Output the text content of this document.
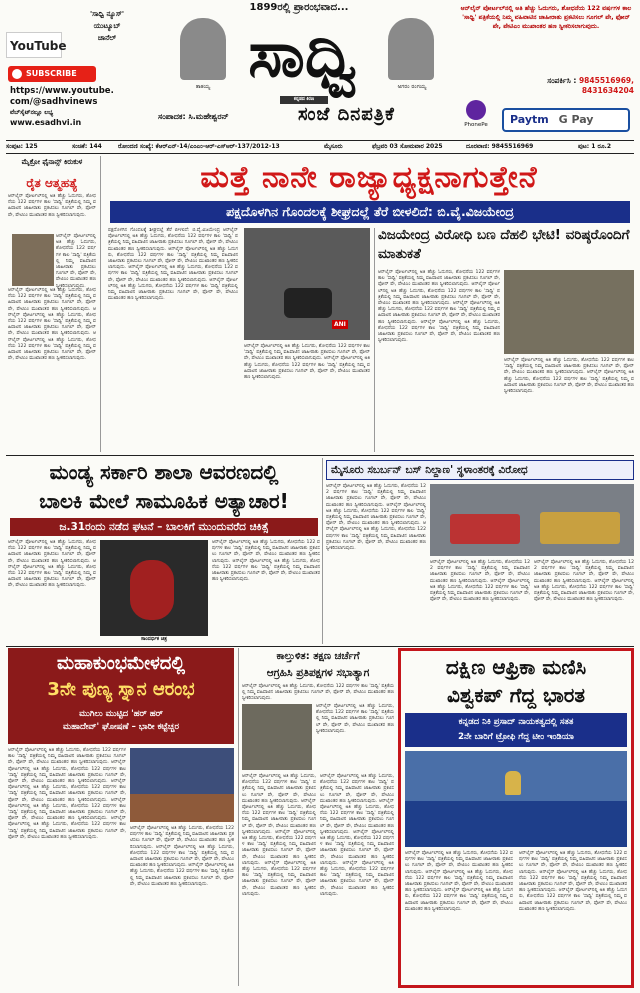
YouTube
'ಸಾಧ್ವಿ ನ್ಯೂಸ್'
ಯುಟ್ಯೂಬ್
ಚಾನೆಲ್
SUBSCRIBE
https://www.youtube.
com/@sadhvinews
ವೆಬ್‌ಸೈಟ್‌ನಲ್ಲೂ ಲಭ್ಯ
www.esadhvi.in
1899ರಲ್ಲಿ ಪ್ರಾರಂಭವಾದ...
ತಾತಯ್ಯ ಸಾಧ್ವಿ
ಕನ್ನಡದ ಕಿರಣ
ಅಗರಂ ರಂಗಯ್ಯ
ಸಂಪಾದಕ: ಸಿ.ಮಹೇಶ್ವರನ್	ಸಂಜೆ ದಿನಪತ್ರಿಕೆ
ಆನ್‌ಲೈನ್ ಪೋರ್ಟಲ್‌ನಲ್ಲಿ ಅತಿ ಹೆಚ್ಚು ಓದುಗರು, ಶೋಧನೆಯ 122 ವರ್ಷಗಳ ಕಾಲ 'ಸಾಧ್ವಿ' ಪತ್ರಿಕೆಯಲ್ಲಿ ನಿಮ್ಮ ವಹಿವಾಟಿನ ಜಾಹೀರಾತು ಪ್ರಕಟಿಸಲು ಗೂಗಲ್ ಪೇ, ಫೋನ್ ಪೇ, ಪೇಟಿಎಂ ಮುಖಾಂತರ ಹಣ ಸ್ವೀಕರಿಸಲಾಗುವುದು.
ಸಂಪರ್ಕಿಸಿ : 9845516969,
8431634204
PhonePe	Paytm G Pay
ಸಂಪುಟ: 125	ಸಂಚಿಕೆ: 144	ರೋಂದಣಿ ಸಂಖ್ಯೆ: ಕೆಆರ್‌ಎನ್-14/ಎಂಎಂ-ಆರ್-ಎಸ್‌ಆರ್-137/2012-13	ಮೈಸೂರು	ಫೆಬ್ರವರಿ 03 ಸೋಮವಾರ 2025	ದೂರವಾಣಿ: 9845516969	ಪುಟ: 1 ರೂ.2
ಮೈಕ್ರೋ ಫೈನಾನ್ಸ್ ಕಿರುಕುಳ
ರೈತ ಆತ್ಮಹತ್ಯೆ
ಆನ್‌ಲೈನ್ ಪೋರ್ಟಲ್‌ನಲ್ಲಿ ಅತಿ ಹೆಚ್ಚು ಓದುಗರು, ಶೋಧನೆಯ 122 ವರ್ಷಗಳ ಕಾಲ 'ಸಾಧ್ವಿ' ಪತ್ರಿಕೆಯಲ್ಲಿ ನಿಮ್ಮ ವಹಿವಾಟಿನ ಜಾಹೀರಾತು ಪ್ರಕಟಿಸಲು ಗೂಗಲ್ ಪೇ, ಫೋನ್ ಪೇ, ಪೇಟಿಎಂ ಮುಖಾಂತರ ಹಣ ಸ್ವೀಕರಿಸಲಾಗುವುದು.
ಆನ್‌ಲೈನ್ ಪೋರ್ಟಲ್‌ನಲ್ಲಿ ಅತಿ ಹೆಚ್ಚು ಓದುಗರು, ಶೋಧನೆಯ 122 ವರ್ಷಗಳ ಕಾಲ 'ಸಾಧ್ವಿ' ಪತ್ರಿಕೆಯಲ್ಲಿ ನಿಮ್ಮ ವಹಿವಾಟಿನ ಜಾಹೀರಾತು ಪ್ರಕಟಿಸಲು ಗೂಗಲ್ ಪೇ, ಫೋನ್ ಪೇ, ಪೇಟಿಎಂ ಮುಖಾಂತರ ಹಣ ಸ್ವೀಕರಿಸಲಾಗುವುದು.
ಆನ್‌ಲೈನ್ ಪೋರ್ಟಲ್‌ನಲ್ಲಿ ಅತಿ ಹೆಚ್ಚು ಓದುಗರು, ಶೋಧನೆಯ 122 ವರ್ಷಗಳ ಕಾಲ 'ಸಾಧ್ವಿ' ಪತ್ರಿಕೆಯಲ್ಲಿ ನಿಮ್ಮ ವಹಿವಾಟಿನ ಜಾಹೀರಾತು ಪ್ರಕಟಿಸಲು ಗೂಗಲ್ ಪೇ, ಫೋನ್ ಪೇ, ಪೇಟಿಎಂ ಮುಖಾಂತರ ಹಣ ಸ್ವೀಕರಿಸಲಾಗುವುದು. ಆನ್‌ಲೈನ್ ಪೋರ್ಟಲ್‌ನಲ್ಲಿ ಅತಿ ಹೆಚ್ಚು ಓದುಗರು, ಶೋಧನೆಯ 122 ವರ್ಷಗಳ ಕಾಲ 'ಸಾಧ್ವಿ' ಪತ್ರಿಕೆಯಲ್ಲಿ ನಿಮ್ಮ ವಹಿವಾಟಿನ ಜಾಹೀರಾತು ಪ್ರಕಟಿಸಲು ಗೂಗಲ್ ಪೇ, ಫೋನ್ ಪೇ, ಪೇಟಿಎಂ ಮುಖಾಂತರ ಹಣ ಸ್ವೀಕರಿಸಲಾಗುವುದು. ಆನ್‌ಲೈನ್ ಪೋರ್ಟಲ್‌ನಲ್ಲಿ ಅತಿ ಹೆಚ್ಚು ಓದುಗರು, ಶೋಧನೆಯ 122 ವರ್ಷಗಳ ಕಾಲ 'ಸಾಧ್ವಿ' ಪತ್ರಿಕೆಯಲ್ಲಿ ನಿಮ್ಮ ವಹಿವಾಟಿನ ಜಾಹೀರಾತು ಪ್ರಕಟಿಸಲು ಗೂಗಲ್ ಪೇ, ಫೋನ್ ಪೇ, ಪೇಟಿಎಂ ಮುಖಾಂತರ ಹಣ ಸ್ವೀಕರಿಸಲಾಗುವುದು.
ಮತ್ತೆ ನಾನೇ ರಾಜ್ಯಾಧ್ಯಕ್ಷನಾಗುತ್ತೇನೆ
ಪಕ್ಷದೊಳಗಿನ ಗೊಂದಲಕ್ಕೆ ಶೀಘ್ರದಲ್ಲೆ ತೆರೆ ಬೀಳಲಿದೆ: ಬಿ.ವೈ.ವಿಜಯೇಂದ್ರ
ಪಕ್ಷದೊಳಗಿನ ಗೊಂದಲಕ್ಕೆ ಶೀಘ್ರದಲ್ಲೆ ತೆರೆ ಬೀಳಲಿದೆ: ಬಿ.ವೈ.ವಿಜಯೇಂದ್ರ ಆನ್‌ಲೈನ್ ಪೋರ್ಟಲ್‌ನಲ್ಲಿ ಅತಿ ಹೆಚ್ಚು ಓದುಗರು, ಶೋಧನೆಯ 122 ವರ್ಷಗಳ ಕಾಲ 'ಸಾಧ್ವಿ' ಪತ್ರಿಕೆಯಲ್ಲಿ ನಿಮ್ಮ ವಹಿವಾಟಿನ ಜಾಹೀರಾತು ಪ್ರಕಟಿಸಲು ಗೂಗಲ್ ಪೇ, ಫೋನ್ ಪೇ, ಪೇಟಿಎಂ ಮುಖಾಂತರ ಹಣ ಸ್ವೀಕರಿಸಲಾಗುವುದು. ಆನ್‌ಲೈನ್ ಪೋರ್ಟಲ್‌ನಲ್ಲಿ ಅತಿ ಹೆಚ್ಚು ಓದುಗರು, ಶೋಧನೆಯ 122 ವರ್ಷಗಳ ಕಾಲ 'ಸಾಧ್ವಿ' ಪತ್ರಿಕೆಯಲ್ಲಿ ನಿಮ್ಮ ವಹಿವಾಟಿನ ಜಾಹೀರಾತು ಪ್ರಕಟಿಸಲು ಗೂಗಲ್ ಪೇ, ಫೋನ್ ಪೇ, ಪೇಟಿಎಂ ಮುಖಾಂತರ ಹಣ ಸ್ವೀಕರಿಸಲಾಗುವುದು. ಆನ್‌ಲೈನ್ ಪೋರ್ಟಲ್‌ನಲ್ಲಿ ಅತಿ ಹೆಚ್ಚು ಓದುಗರು, ಶೋಧನೆಯ 122 ವರ್ಷಗಳ ಕಾಲ 'ಸಾಧ್ವಿ' ಪತ್ರಿಕೆಯಲ್ಲಿ ನಿಮ್ಮ ವಹಿವಾಟಿನ ಜಾಹೀರಾತು ಪ್ರಕಟಿಸಲು ಗೂಗಲ್ ಪೇ, ಫೋನ್ ಪೇ, ಪೇಟಿಎಂ ಮುಖಾಂತರ ಹಣ ಸ್ವೀಕರಿಸಲಾಗುವುದು. ಆನ್‌ಲೈನ್ ಪೋರ್ಟಲ್‌ನಲ್ಲಿ ಅತಿ ಹೆಚ್ಚು ಓದುಗರು, ಶೋಧನೆಯ 122 ವರ್ಷಗಳ ಕಾಲ 'ಸಾಧ್ವಿ' ಪತ್ರಿಕೆಯಲ್ಲಿ ನಿಮ್ಮ ವಹಿವಾಟಿನ ಜಾಹೀರಾತು ಪ್ರಕಟಿಸಲು ಗೂಗಲ್ ಪೇ, ಫೋನ್ ಪೇ, ಪೇಟಿಎಂ ಮುಖಾಂತರ ಹಣ ಸ್ವೀಕರಿಸಲಾಗುವುದು.
ANI
ಆನ್‌ಲೈನ್ ಪೋರ್ಟಲ್‌ನಲ್ಲಿ ಅತಿ ಹೆಚ್ಚು ಓದುಗರು, ಶೋಧನೆಯ 122 ವರ್ಷಗಳ ಕಾಲ 'ಸಾಧ್ವಿ' ಪತ್ರಿಕೆಯಲ್ಲಿ ನಿಮ್ಮ ವಹಿವಾಟಿನ ಜಾಹೀರಾತು ಪ್ರಕಟಿಸಲು ಗೂಗಲ್ ಪೇ, ಫೋನ್ ಪೇ, ಪೇಟಿಎಂ ಮುಖಾಂತರ ಹಣ ಸ್ವೀಕರಿಸಲಾಗುವುದು. ಆನ್‌ಲೈನ್ ಪೋರ್ಟಲ್‌ನಲ್ಲಿ ಅತಿ ಹೆಚ್ಚು ಓದುಗರು, ಶೋಧನೆಯ 122 ವರ್ಷಗಳ ಕಾಲ 'ಸಾಧ್ವಿ' ಪತ್ರಿಕೆಯಲ್ಲಿ ನಿಮ್ಮ ವಹಿವಾಟಿನ ಜಾಹೀರಾತು ಪ್ರಕಟಿಸಲು ಗೂಗಲ್ ಪೇ, ಫೋನ್ ಪೇ, ಪೇಟಿಎಂ ಮುಖಾಂತರ ಹಣ ಸ್ವೀಕರಿಸಲಾಗುವುದು.
ವಿಜಯೇಂದ್ರ ವಿರೋಧಿ ಬಣ ದೆಹಲಿ ಭೇಟಿ! ವರಿಷ್ಠರೊಂದಿಗೆ ಮಾತುಕತೆ
ಆನ್‌ಲೈನ್ ಪೋರ್ಟಲ್‌ನಲ್ಲಿ ಅತಿ ಹೆಚ್ಚು ಓದುಗರು, ಶೋಧನೆಯ 122 ವರ್ಷಗಳ ಕಾಲ 'ಸಾಧ್ವಿ' ಪತ್ರಿಕೆಯಲ್ಲಿ ನಿಮ್ಮ ವಹಿವಾಟಿನ ಜಾಹೀರಾತು ಪ್ರಕಟಿಸಲು ಗೂಗಲ್ ಪೇ, ಫೋನ್ ಪೇ, ಪೇಟಿಎಂ ಮುಖಾಂತರ ಹಣ ಸ್ವೀಕರಿಸಲಾಗುವುದು. ಆನ್‌ಲೈನ್ ಪೋರ್ಟಲ್‌ನಲ್ಲಿ ಅತಿ ಹೆಚ್ಚು ಓದುಗರು, ಶೋಧನೆಯ 122 ವರ್ಷಗಳ ಕಾಲ 'ಸಾಧ್ವಿ' ಪತ್ರಿಕೆಯಲ್ಲಿ ನಿಮ್ಮ ವಹಿವಾಟಿನ ಜಾಹೀರಾತು ಪ್ರಕಟಿಸಲು ಗೂಗಲ್ ಪೇ, ಫೋನ್ ಪೇ, ಪೇಟಿಎಂ ಮುಖಾಂತರ ಹಣ ಸ್ವೀಕರಿಸಲಾಗುವುದು. ಆನ್‌ಲೈನ್ ಪೋರ್ಟಲ್‌ನಲ್ಲಿ ಅತಿ ಹೆಚ್ಚು ಓದುಗರು, ಶೋಧನೆಯ 122 ವರ್ಷಗಳ ಕಾಲ 'ಸಾಧ್ವಿ' ಪತ್ರಿಕೆಯಲ್ಲಿ ನಿಮ್ಮ ವಹಿವಾಟಿನ ಜಾಹೀರಾತು ಪ್ರಕಟಿಸಲು ಗೂಗಲ್ ಪೇ, ಫೋನ್ ಪೇ, ಪೇಟಿಎಂ ಮುಖಾಂತರ ಹಣ ಸ್ವೀಕರಿಸಲಾಗುವುದು. ಆನ್‌ಲೈನ್ ಪೋರ್ಟಲ್‌ನಲ್ಲಿ ಅತಿ ಹೆಚ್ಚು ಓದುಗರು, ಶೋಧನೆಯ 122 ವರ್ಷಗಳ ಕಾಲ 'ಸಾಧ್ವಿ' ಪತ್ರಿಕೆಯಲ್ಲಿ ನಿಮ್ಮ ವಹಿವಾಟಿನ ಜಾಹೀರಾತು ಪ್ರಕಟಿಸಲು ಗೂಗಲ್ ಪೇ, ಫೋನ್ ಪೇ, ಪೇಟಿಎಂ ಮುಖಾಂತರ ಹಣ ಸ್ವೀಕರಿಸಲಾಗುವುದು.
ಆನ್‌ಲೈನ್ ಪೋರ್ಟಲ್‌ನಲ್ಲಿ ಅತಿ ಹೆಚ್ಚು ಓದುಗರು, ಶೋಧನೆಯ 122 ವರ್ಷಗಳ ಕಾಲ 'ಸಾಧ್ವಿ' ಪತ್ರಿಕೆಯಲ್ಲಿ ನಿಮ್ಮ ವಹಿವಾಟಿನ ಜಾಹೀರಾತು ಪ್ರಕಟಿಸಲು ಗೂಗಲ್ ಪೇ, ಫೋನ್ ಪೇ, ಪೇಟಿಎಂ ಮುಖಾಂತರ ಹಣ ಸ್ವೀಕರಿಸಲಾಗುವುದು. ಆನ್‌ಲೈನ್ ಪೋರ್ಟಲ್‌ನಲ್ಲಿ ಅತಿ ಹೆಚ್ಚು ಓದುಗರು, ಶೋಧನೆಯ 122 ವರ್ಷಗಳ ಕಾಲ 'ಸಾಧ್ವಿ' ಪತ್ರಿಕೆಯಲ್ಲಿ ನಿಮ್ಮ ವಹಿವಾಟಿನ ಜಾಹೀರಾತು ಪ್ರಕಟಿಸಲು ಗೂಗಲ್ ಪೇ, ಫೋನ್ ಪೇ, ಪೇಟಿಎಂ ಮುಖಾಂತರ ಹಣ ಸ್ವೀಕರಿಸಲಾಗುವುದು.
ಮಂಡ್ಯ ಸರ್ಕಾರಿ ಶಾಲಾ ಆವರಣದಲ್ಲಿ
ಬಾಲಕಿ ಮೇಲೆ ಸಾಮೂಹಿಕ ಅತ್ಯಾಚಾರ!
ಜ.31ರಂದು ನಡೆದ ಘಟನೆ – ಬಾಲಕಿಗೆ ಮುಂದುವರೆದ ಚಿಕಿತ್ಸೆ
ಆನ್‌ಲೈನ್ ಪೋರ್ಟಲ್‌ನಲ್ಲಿ ಅತಿ ಹೆಚ್ಚು ಓದುಗರು, ಶೋಧನೆಯ 122 ವರ್ಷಗಳ ಕಾಲ 'ಸಾಧ್ವಿ' ಪತ್ರಿಕೆಯಲ್ಲಿ ನಿಮ್ಮ ವಹಿವಾಟಿನ ಜಾಹೀರಾತು ಪ್ರಕಟಿಸಲು ಗೂಗಲ್ ಪೇ, ಫೋನ್ ಪೇ, ಪೇಟಿಎಂ ಮುಖಾಂತರ ಹಣ ಸ್ವೀಕರಿಸಲಾಗುವುದು. ಆನ್‌ಲೈನ್ ಪೋರ್ಟಲ್‌ನಲ್ಲಿ ಅತಿ ಹೆಚ್ಚು ಓದುಗರು, ಶೋಧನೆಯ 122 ವರ್ಷಗಳ ಕಾಲ 'ಸಾಧ್ವಿ' ಪತ್ರಿಕೆಯಲ್ಲಿ ನಿಮ್ಮ ವಹಿವಾಟಿನ ಜಾಹೀರಾತು ಪ್ರಕಟಿಸಲು ಗೂಗಲ್ ಪೇ, ಫೋನ್ ಪೇ, ಪೇಟಿಎಂ ಮುಖಾಂತರ ಹಣ ಸ್ವೀಕರಿಸಲಾಗುವುದು.
ಸಾಂದರ್ಭಿಕ ಚಿತ್ರ
ಆನ್‌ಲೈನ್ ಪೋರ್ಟಲ್‌ನಲ್ಲಿ ಅತಿ ಹೆಚ್ಚು ಓದುಗರು, ಶೋಧನೆಯ 122 ವರ್ಷಗಳ ಕಾಲ 'ಸಾಧ್ವಿ' ಪತ್ರಿಕೆಯಲ್ಲಿ ನಿಮ್ಮ ವಹಿವಾಟಿನ ಜಾಹೀರಾತು ಪ್ರಕಟಿಸಲು ಗೂಗಲ್ ಪೇ, ಫೋನ್ ಪೇ, ಪೇಟಿಎಂ ಮುಖಾಂತರ ಹಣ ಸ್ವೀಕರಿಸಲಾಗುವುದು. ಆನ್‌ಲೈನ್ ಪೋರ್ಟಲ್‌ನಲ್ಲಿ ಅತಿ ಹೆಚ್ಚು ಓದುಗರು, ಶೋಧನೆಯ 122 ವರ್ಷಗಳ ಕಾಲ 'ಸಾಧ್ವಿ' ಪತ್ರಿಕೆಯಲ್ಲಿ ನಿಮ್ಮ ವಹಿವಾಟಿನ ಜಾಹೀರಾತು ಪ್ರಕಟಿಸಲು ಗೂಗಲ್ ಪೇ, ಫೋನ್ ಪೇ, ಪೇಟಿಎಂ ಮುಖಾಂತರ ಹಣ ಸ್ವೀಕರಿಸಲಾಗುವುದು.
ಮೈಸೂರು ಸಬರ್ಬನ್ ಬಸ್ ನಿಲ್ದಾಣ' ಸ್ಥಳಾಂತರಕ್ಕೆ ವಿರೋಧ
ಆನ್‌ಲೈನ್ ಪೋರ್ಟಲ್‌ನಲ್ಲಿ ಅತಿ ಹೆಚ್ಚು ಓದುಗರು, ಶೋಧನೆಯ 122 ವರ್ಷಗಳ ಕಾಲ 'ಸಾಧ್ವಿ' ಪತ್ರಿಕೆಯಲ್ಲಿ ನಿಮ್ಮ ವಹಿವಾಟಿನ ಜಾಹೀರಾತು ಪ್ರಕಟಿಸಲು ಗೂಗಲ್ ಪೇ, ಫೋನ್ ಪೇ, ಪೇಟಿಎಂ ಮುಖಾಂತರ ಹಣ ಸ್ವೀಕರಿಸಲಾಗುವುದು. ಆನ್‌ಲೈನ್ ಪೋರ್ಟಲ್‌ನಲ್ಲಿ ಅತಿ ಹೆಚ್ಚು ಓದುಗರು, ಶೋಧನೆಯ 122 ವರ್ಷಗಳ ಕಾಲ 'ಸಾಧ್ವಿ' ಪತ್ರಿಕೆಯಲ್ಲಿ ನಿಮ್ಮ ವಹಿವಾಟಿನ ಜಾಹೀರಾತು ಪ್ರಕಟಿಸಲು ಗೂಗಲ್ ಪೇ, ಫೋನ್ ಪೇ, ಪೇಟಿಎಂ ಮುಖಾಂತರ ಹಣ ಸ್ವೀಕರಿಸಲಾಗುವುದು. ಆನ್‌ಲೈನ್ ಪೋರ್ಟಲ್‌ನಲ್ಲಿ ಅತಿ ಹೆಚ್ಚು ಓದುಗರು, ಶೋಧನೆಯ 122 ವರ್ಷಗಳ ಕಾಲ 'ಸಾಧ್ವಿ' ಪತ್ರಿಕೆಯಲ್ಲಿ ನಿಮ್ಮ ವಹಿವಾಟಿನ ಜಾಹೀರಾತು ಪ್ರಕಟಿಸಲು ಗೂಗಲ್ ಪೇ, ಫೋನ್ ಪೇ, ಪೇಟಿಎಂ ಮುಖಾಂತರ ಹಣ ಸ್ವೀಕರಿಸಲಾಗುವುದು.
ಆನ್‌ಲೈನ್ ಪೋರ್ಟಲ್‌ನಲ್ಲಿ ಅತಿ ಹೆಚ್ಚು ಓದುಗರು, ಶೋಧನೆಯ 122 ವರ್ಷಗಳ ಕಾಲ 'ಸಾಧ್ವಿ' ಪತ್ರಿಕೆಯಲ್ಲಿ ನಿಮ್ಮ ವಹಿವಾಟಿನ ಜಾಹೀರಾತು ಪ್ರಕಟಿಸಲು ಗೂಗಲ್ ಪೇ, ಫೋನ್ ಪೇ, ಪೇಟಿಎಂ ಮುಖಾಂತರ ಹಣ ಸ್ವೀಕರಿಸಲಾಗುವುದು. ಆನ್‌ಲೈನ್ ಪೋರ್ಟಲ್‌ನಲ್ಲಿ ಅತಿ ಹೆಚ್ಚು ಓದುಗರು, ಶೋಧನೆಯ 122 ವರ್ಷಗಳ ಕಾಲ 'ಸಾಧ್ವಿ' ಪತ್ರಿಕೆಯಲ್ಲಿ ನಿಮ್ಮ ವಹಿವಾಟಿನ ಜಾಹೀರಾತು ಪ್ರಕಟಿಸಲು ಗೂಗಲ್ ಪೇ, ಫೋನ್ ಪೇ, ಪೇಟಿಎಂ ಮುಖಾಂತರ ಹಣ ಸ್ವೀಕರಿಸಲಾಗುವುದು.
ಆನ್‌ಲೈನ್ ಪೋರ್ಟಲ್‌ನಲ್ಲಿ ಅತಿ ಹೆಚ್ಚು ಓದುಗರು, ಶೋಧನೆಯ 122 ವರ್ಷಗಳ ಕಾಲ 'ಸಾಧ್ವಿ' ಪತ್ರಿಕೆಯಲ್ಲಿ ನಿಮ್ಮ ವಹಿವಾಟಿನ ಜಾಹೀರಾತು ಪ್ರಕಟಿಸಲು ಗೂಗಲ್ ಪೇ, ಫೋನ್ ಪೇ, ಪೇಟಿಎಂ ಮುಖಾಂತರ ಹಣ ಸ್ವೀಕರಿಸಲಾಗುವುದು. ಆನ್‌ಲೈನ್ ಪೋರ್ಟಲ್‌ನಲ್ಲಿ ಅತಿ ಹೆಚ್ಚು ಓದುಗರು, ಶೋಧನೆಯ 122 ವರ್ಷಗಳ ಕಾಲ 'ಸಾಧ್ವಿ' ಪತ್ರಿಕೆಯಲ್ಲಿ ನಿಮ್ಮ ವಹಿವಾಟಿನ ಜಾಹೀರಾತು ಪ್ರಕಟಿಸಲು ಗೂಗಲ್ ಪೇ, ಫೋನ್ ಪೇ, ಪೇಟಿಎಂ ಮುಖಾಂತರ ಹಣ ಸ್ವೀಕರಿಸಲಾಗುವುದು.
ಮಹಾಕುಂಭಮೇಳದಲ್ಲಿ
3ನೇ ಪುಣ್ಯ ಸ್ನಾನ ಆರಂಭ
ಮುಗಿಲು ಮುಟ್ಟಿದ 'ಹರ್ ಹರ್
ಮಹಾದೇವ್' ಘೋಷಣೆ – ಭಾರೀ ಕಟ್ಟೆಚ್ಚರ
ಆನ್‌ಲೈನ್ ಪೋರ್ಟಲ್‌ನಲ್ಲಿ ಅತಿ ಹೆಚ್ಚು ಓದುಗರು, ಶೋಧನೆಯ 122 ವರ್ಷಗಳ ಕಾಲ 'ಸಾಧ್ವಿ' ಪತ್ರಿಕೆಯಲ್ಲಿ ನಿಮ್ಮ ವಹಿವಾಟಿನ ಜಾಹೀರಾತು ಪ್ರಕಟಿಸಲು ಗೂಗಲ್ ಪೇ, ಫೋನ್ ಪೇ, ಪೇಟಿಎಂ ಮುಖಾಂತರ ಹಣ ಸ್ವೀಕರಿಸಲಾಗುವುದು. ಆನ್‌ಲೈನ್ ಪೋರ್ಟಲ್‌ನಲ್ಲಿ ಅತಿ ಹೆಚ್ಚು ಓದುಗರು, ಶೋಧನೆಯ 122 ವರ್ಷಗಳ ಕಾಲ 'ಸಾಧ್ವಿ' ಪತ್ರಿಕೆಯಲ್ಲಿ ನಿಮ್ಮ ವಹಿವಾಟಿನ ಜಾಹೀರಾತು ಪ್ರಕಟಿಸಲು ಗೂಗಲ್ ಪೇ, ಫೋನ್ ಪೇ, ಪೇಟಿಎಂ ಮುಖಾಂತರ ಹಣ ಸ್ವೀಕರಿಸಲಾಗುವುದು. ಆನ್‌ಲೈನ್ ಪೋರ್ಟಲ್‌ನಲ್ಲಿ ಅತಿ ಹೆಚ್ಚು ಓದುಗರು, ಶೋಧನೆಯ 122 ವರ್ಷಗಳ ಕಾಲ 'ಸಾಧ್ವಿ' ಪತ್ರಿಕೆಯಲ್ಲಿ ನಿಮ್ಮ ವಹಿವಾಟಿನ ಜಾಹೀರಾತು ಪ್ರಕಟಿಸಲು ಗೂಗಲ್ ಪೇ, ಫೋನ್ ಪೇ, ಪೇಟಿಎಂ ಮುಖಾಂತರ ಹಣ ಸ್ವೀಕರಿಸಲಾಗುವುದು. ಆನ್‌ಲೈನ್ ಪೋರ್ಟಲ್‌ನಲ್ಲಿ ಅತಿ ಹೆಚ್ಚು ಓದುಗರು, ಶೋಧನೆಯ 122 ವರ್ಷಗಳ ಕಾಲ 'ಸಾಧ್ವಿ' ಪತ್ರಿಕೆಯಲ್ಲಿ ನಿಮ್ಮ ವಹಿವಾಟಿನ ಜಾಹೀರಾತು ಪ್ರಕಟಿಸಲು ಗೂಗಲ್ ಪೇ, ಫೋನ್ ಪೇ, ಪೇಟಿಎಂ ಮುಖಾಂತರ ಹಣ ಸ್ವೀಕರಿಸಲಾಗುವುದು. ಆನ್‌ಲೈನ್ ಪೋರ್ಟಲ್‌ನಲ್ಲಿ ಅತಿ ಹೆಚ್ಚು ಓದುಗರು, ಶೋಧನೆಯ 122 ವರ್ಷಗಳ ಕಾಲ 'ಸಾಧ್ವಿ' ಪತ್ರಿಕೆಯಲ್ಲಿ ನಿಮ್ಮ ವಹಿವಾಟಿನ ಜಾಹೀರಾತು ಪ್ರಕಟಿಸಲು ಗೂಗಲ್ ಪೇ, ಫೋನ್ ಪೇ, ಪೇಟಿಎಂ ಮುಖಾಂತರ ಹಣ ಸ್ವೀಕರಿಸಲಾಗುವುದು.
ಆನ್‌ಲೈನ್ ಪೋರ್ಟಲ್‌ನಲ್ಲಿ ಅತಿ ಹೆಚ್ಚು ಓದುಗರು, ಶೋಧನೆಯ 122 ವರ್ಷಗಳ ಕಾಲ 'ಸಾಧ್ವಿ' ಪತ್ರಿಕೆಯಲ್ಲಿ ನಿಮ್ಮ ವಹಿವಾಟಿನ ಜಾಹೀರಾತು ಪ್ರಕಟಿಸಲು ಗೂಗಲ್ ಪೇ, ಫೋನ್ ಪೇ, ಪೇಟಿಎಂ ಮುಖಾಂತರ ಹಣ ಸ್ವೀಕರಿಸಲಾಗುವುದು. ಆನ್‌ಲೈನ್ ಪೋರ್ಟಲ್‌ನಲ್ಲಿ ಅತಿ ಹೆಚ್ಚು ಓದುಗರು, ಶೋಧನೆಯ 122 ವರ್ಷಗಳ ಕಾಲ 'ಸಾಧ್ವಿ' ಪತ್ರಿಕೆಯಲ್ಲಿ ನಿಮ್ಮ ವಹಿವಾಟಿನ ಜಾಹೀರಾತು ಪ್ರಕಟಿಸಲು ಗೂಗಲ್ ಪೇ, ಫೋನ್ ಪೇ, ಪೇಟಿಎಂ ಮುಖಾಂತರ ಹಣ ಸ್ವೀಕರಿಸಲಾಗುವುದು. ಆನ್‌ಲೈನ್ ಪೋರ್ಟಲ್‌ನಲ್ಲಿ ಅತಿ ಹೆಚ್ಚು ಓದುಗರು, ಶೋಧನೆಯ 122 ವರ್ಷಗಳ ಕಾಲ 'ಸಾಧ್ವಿ' ಪತ್ರಿಕೆಯಲ್ಲಿ ನಿಮ್ಮ ವಹಿವಾಟಿನ ಜಾಹೀರಾತು ಪ್ರಕಟಿಸಲು ಗೂಗಲ್ ಪೇ, ಫೋನ್ ಪೇ, ಪೇಟಿಎಂ ಮುಖಾಂತರ ಹಣ ಸ್ವೀಕರಿಸಲಾಗುವುದು.
ಕಾಲ್ತುಳಿತ: ತಕ್ಷಣ ಚರ್ಚೆಗೆ
ಆಗ್ರಹಿಸಿ ಪ್ರತಿಪಕ್ಷಗಳ ಸಭಾತ್ಯಾಗ
ಆನ್‌ಲೈನ್ ಪೋರ್ಟಲ್‌ನಲ್ಲಿ ಅತಿ ಹೆಚ್ಚು ಓದುಗರು, ಶೋಧನೆಯ 122 ವರ್ಷಗಳ ಕಾಲ 'ಸಾಧ್ವಿ' ಪತ್ರಿಕೆಯಲ್ಲಿ ನಿಮ್ಮ ವಹಿವಾಟಿನ ಜಾಹೀರಾತು ಪ್ರಕಟಿಸಲು ಗೂಗಲ್ ಪೇ, ಫೋನ್ ಪೇ, ಪೇಟಿಎಂ ಮುಖಾಂತರ ಹಣ ಸ್ವೀಕರಿಸಲಾಗುವುದು.
ಆನ್‌ಲೈನ್ ಪೋರ್ಟಲ್‌ನಲ್ಲಿ ಅತಿ ಹೆಚ್ಚು ಓದುಗರು, ಶೋಧನೆಯ 122 ವರ್ಷಗಳ ಕಾಲ 'ಸಾಧ್ವಿ' ಪತ್ರಿಕೆಯಲ್ಲಿ ನಿಮ್ಮ ವಹಿವಾಟಿನ ಜಾಹೀರಾತು ಪ್ರಕಟಿಸಲು ಗೂಗಲ್ ಪೇ, ಫೋನ್ ಪೇ, ಪೇಟಿಎಂ ಮುಖಾಂತರ ಹಣ ಸ್ವೀಕರಿಸಲಾಗುವುದು.
ಆನ್‌ಲೈನ್ ಪೋರ್ಟಲ್‌ನಲ್ಲಿ ಅತಿ ಹೆಚ್ಚು ಓದುಗರು, ಶೋಧನೆಯ 122 ವರ್ಷಗಳ ಕಾಲ 'ಸಾಧ್ವಿ' ಪತ್ರಿಕೆಯಲ್ಲಿ ನಿಮ್ಮ ವಹಿವಾಟಿನ ಜಾಹೀರಾತು ಪ್ರಕಟಿಸಲು ಗೂಗಲ್ ಪೇ, ಫೋನ್ ಪೇ, ಪೇಟಿಎಂ ಮುಖಾಂತರ ಹಣ ಸ್ವೀಕರಿಸಲಾಗುವುದು. ಆನ್‌ಲೈನ್ ಪೋರ್ಟಲ್‌ನಲ್ಲಿ ಅತಿ ಹೆಚ್ಚು ಓದುಗರು, ಶೋಧನೆಯ 122 ವರ್ಷಗಳ ಕಾಲ 'ಸಾಧ್ವಿ' ಪತ್ರಿಕೆಯಲ್ಲಿ ನಿಮ್ಮ ವಹಿವಾಟಿನ ಜಾಹೀರಾತು ಪ್ರಕಟಿಸಲು ಗೂಗಲ್ ಪೇ, ಫೋನ್ ಪೇ, ಪೇಟಿಎಂ ಮುಖಾಂತರ ಹಣ ಸ್ವೀಕರಿಸಲಾಗುವುದು. ಆನ್‌ಲೈನ್ ಪೋರ್ಟಲ್‌ನಲ್ಲಿ ಅತಿ ಹೆಚ್ಚು ಓದುಗರು, ಶೋಧನೆಯ 122 ವರ್ಷಗಳ ಕಾಲ 'ಸಾಧ್ವಿ' ಪತ್ರಿಕೆಯಲ್ಲಿ ನಿಮ್ಮ ವಹಿವಾಟಿನ ಜಾಹೀರಾತು ಪ್ರಕಟಿಸಲು ಗೂಗಲ್ ಪೇ, ಫೋನ್ ಪೇ, ಪೇಟಿಎಂ ಮುಖಾಂತರ ಹಣ ಸ್ವೀಕರಿಸಲಾಗುವುದು. ಆನ್‌ಲೈನ್ ಪೋರ್ಟಲ್‌ನಲ್ಲಿ ಅತಿ ಹೆಚ್ಚು ಓದುಗರು, ಶೋಧನೆಯ 122 ವರ್ಷಗಳ ಕಾಲ 'ಸಾಧ್ವಿ' ಪತ್ರಿಕೆಯಲ್ಲಿ ನಿಮ್ಮ ವಹಿವಾಟಿನ ಜಾಹೀರಾತು ಪ್ರಕಟಿಸಲು ಗೂಗಲ್ ಪೇ, ಫೋನ್ ಪೇ, ಪೇಟಿಎಂ ಮುಖಾಂತರ ಹಣ ಸ್ವೀಕರಿಸಲಾಗುವುದು.
ಆನ್‌ಲೈನ್ ಪೋರ್ಟಲ್‌ನಲ್ಲಿ ಅತಿ ಹೆಚ್ಚು ಓದುಗರು, ಶೋಧನೆಯ 122 ವರ್ಷಗಳ ಕಾಲ 'ಸಾಧ್ವಿ' ಪತ್ರಿಕೆಯಲ್ಲಿ ನಿಮ್ಮ ವಹಿವಾಟಿನ ಜಾಹೀರಾತು ಪ್ರಕಟಿಸಲು ಗೂಗಲ್ ಪೇ, ಫೋನ್ ಪೇ, ಪೇಟಿಎಂ ಮುಖಾಂತರ ಹಣ ಸ್ವೀಕರಿಸಲಾಗುವುದು. ಆನ್‌ಲೈನ್ ಪೋರ್ಟಲ್‌ನಲ್ಲಿ ಅತಿ ಹೆಚ್ಚು ಓದುಗರು, ಶೋಧನೆಯ 122 ವರ್ಷಗಳ ಕಾಲ 'ಸಾಧ್ವಿ' ಪತ್ರಿಕೆಯಲ್ಲಿ ನಿಮ್ಮ ವಹಿವಾಟಿನ ಜಾಹೀರಾತು ಪ್ರಕಟಿಸಲು ಗೂಗಲ್ ಪೇ, ಫೋನ್ ಪೇ, ಪೇಟಿಎಂ ಮುಖಾಂತರ ಹಣ ಸ್ವೀಕರಿಸಲಾಗುವುದು. ಆನ್‌ಲೈನ್ ಪೋರ್ಟಲ್‌ನಲ್ಲಿ ಅತಿ ಹೆಚ್ಚು ಓದುಗರು, ಶೋಧನೆಯ 122 ವರ್ಷಗಳ ಕಾಲ 'ಸಾಧ್ವಿ' ಪತ್ರಿಕೆಯಲ್ಲಿ ನಿಮ್ಮ ವಹಿವಾಟಿನ ಜಾಹೀರಾತು ಪ್ರಕಟಿಸಲು ಗೂಗಲ್ ಪೇ, ಫೋನ್ ಪೇ, ಪೇಟಿಎಂ ಮುಖಾಂತರ ಹಣ ಸ್ವೀಕರಿಸಲಾಗುವುದು. ಆನ್‌ಲೈನ್ ಪೋರ್ಟಲ್‌ನಲ್ಲಿ ಅತಿ ಹೆಚ್ಚು ಓದುಗರು, ಶೋಧನೆಯ 122 ವರ್ಷಗಳ ಕಾಲ 'ಸಾಧ್ವಿ' ಪತ್ರಿಕೆಯಲ್ಲಿ ನಿಮ್ಮ ವಹಿವಾಟಿನ ಜಾಹೀರಾತು ಪ್ರಕಟಿಸಲು ಗೂಗಲ್ ಪೇ, ಫೋನ್ ಪೇ, ಪೇಟಿಎಂ ಮುಖಾಂತರ ಹಣ ಸ್ವೀಕರಿಸಲಾಗುವುದು.
ದಕ್ಷಿಣ ಆಫ್ರಿಕಾ ಮಣಿಸಿ
ವಿಶ್ವಕಪ್ ಗೆದ್ದ ಭಾರತ
ಕನ್ನಡದ ನಿಕಿ ಪ್ರಸಾದ್ ನಾಯಕತ್ವದಲ್ಲಿ ಸತತ
2ನೇ ಬಾರಿಗೆ ಟ್ರೋಫಿ ಗೆದ್ದ ಟೀಂ ಇಂಡಿಯಾ
ಆನ್‌ಲೈನ್ ಪೋರ್ಟಲ್‌ನಲ್ಲಿ ಅತಿ ಹೆಚ್ಚು ಓದುಗರು, ಶೋಧನೆಯ 122 ವರ್ಷಗಳ ಕಾಲ 'ಸಾಧ್ವಿ' ಪತ್ರಿಕೆಯಲ್ಲಿ ನಿಮ್ಮ ವಹಿವಾಟಿನ ಜಾಹೀರಾತು ಪ್ರಕಟಿಸಲು ಗೂಗಲ್ ಪೇ, ಫೋನ್ ಪೇ, ಪೇಟಿಎಂ ಮುಖಾಂತರ ಹಣ ಸ್ವೀಕರಿಸಲಾಗುವುದು. ಆನ್‌ಲೈನ್ ಪೋರ್ಟಲ್‌ನಲ್ಲಿ ಅತಿ ಹೆಚ್ಚು ಓದುಗರು, ಶೋಧನೆಯ 122 ವರ್ಷಗಳ ಕಾಲ 'ಸಾಧ್ವಿ' ಪತ್ರಿಕೆಯಲ್ಲಿ ನಿಮ್ಮ ವಹಿವಾಟಿನ ಜಾಹೀರಾತು ಪ್ರಕಟಿಸಲು ಗೂಗಲ್ ಪೇ, ಫೋನ್ ಪೇ, ಪೇಟಿಎಂ ಮುಖಾಂತರ ಹಣ ಸ್ವೀಕರಿಸಲಾಗುವುದು. ಆನ್‌ಲೈನ್ ಪೋರ್ಟಲ್‌ನಲ್ಲಿ ಅತಿ ಹೆಚ್ಚು ಓದುಗರು, ಶೋಧನೆಯ 122 ವರ್ಷಗಳ ಕಾಲ 'ಸಾಧ್ವಿ' ಪತ್ರಿಕೆಯಲ್ಲಿ ನಿಮ್ಮ ವಹಿವಾಟಿನ ಜಾಹೀರಾತು ಪ್ರಕಟಿಸಲು ಗೂಗಲ್ ಪೇ, ಫೋನ್ ಪೇ, ಪೇಟಿಎಂ ಮುಖಾಂತರ ಹಣ ಸ್ವೀಕರಿಸಲಾಗುವುದು.
ಆನ್‌ಲೈನ್ ಪೋರ್ಟಲ್‌ನಲ್ಲಿ ಅತಿ ಹೆಚ್ಚು ಓದುಗರು, ಶೋಧನೆಯ 122 ವರ್ಷಗಳ ಕಾಲ 'ಸಾಧ್ವಿ' ಪತ್ರಿಕೆಯಲ್ಲಿ ನಿಮ್ಮ ವಹಿವಾಟಿನ ಜಾಹೀರಾತು ಪ್ರಕಟಿಸಲು ಗೂಗಲ್ ಪೇ, ಫೋನ್ ಪೇ, ಪೇಟಿಎಂ ಮುಖಾಂತರ ಹಣ ಸ್ವೀಕರಿಸಲಾಗುವುದು. ಆನ್‌ಲೈನ್ ಪೋರ್ಟಲ್‌ನಲ್ಲಿ ಅತಿ ಹೆಚ್ಚು ಓದುಗರು, ಶೋಧನೆಯ 122 ವರ್ಷಗಳ ಕಾಲ 'ಸಾಧ್ವಿ' ಪತ್ರಿಕೆಯಲ್ಲಿ ನಿಮ್ಮ ವಹಿವಾಟಿನ ಜಾಹೀರಾತು ಪ್ರಕಟಿಸಲು ಗೂಗಲ್ ಪೇ, ಫೋನ್ ಪೇ, ಪೇಟಿಎಂ ಮುಖಾಂತರ ಹಣ ಸ್ವೀಕರಿಸಲಾಗುವುದು. ಆನ್‌ಲೈನ್ ಪೋರ್ಟಲ್‌ನಲ್ಲಿ ಅತಿ ಹೆಚ್ಚು ಓದುಗರು, ಶೋಧನೆಯ 122 ವರ್ಷಗಳ ಕಾಲ 'ಸಾಧ್ವಿ' ಪತ್ರಿಕೆಯಲ್ಲಿ ನಿಮ್ಮ ವಹಿವಾಟಿನ ಜಾಹೀರಾತು ಪ್ರಕಟಿಸಲು ಗೂಗಲ್ ಪೇ, ಫೋನ್ ಪೇ, ಪೇಟಿಎಂ ಮುಖಾಂತರ ಹಣ ಸ್ವೀಕರಿಸಲಾಗುವುದು.
